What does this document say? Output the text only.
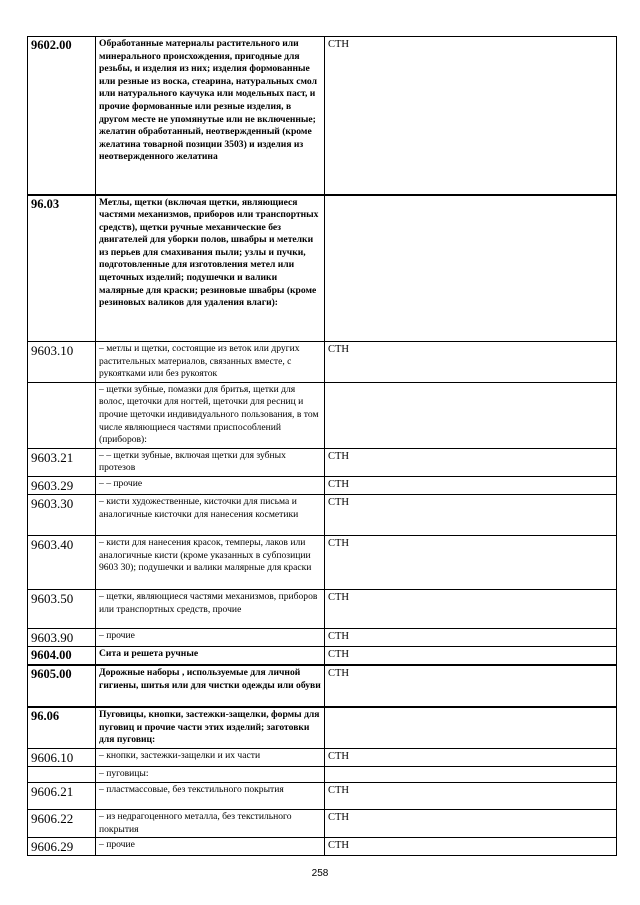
9602.00	Обработанные материалы растительного или минерального происхождения, пригодные для резьбы, и изделия из них; изделия формованные или резные из воска, стеарина, натуральных смол или натурального каучука или модельных паст, и прочие формованные или резные изделия, в другом месте не упомянутые или не включенные; желатин обработанный, неотвержденный (кроме желатина товарной позиции 3503) и изделия из неотвержденного желатина	СТН
96.03	Метлы, щетки (включая щетки, являющиеся частями механизмов, приборов или транспортных средств), щетки ручные механические без двигателей для уборки полов, швабры и метелки из перьев для смахивания пыли; узлы и пучки, подготовленные для изготовления метел или щеточных изделий; подушечки и валики малярные для краски; резиновые швабры (кроме резиновых валиков для удаления влаги):	
9603.10	– метлы и щетки, состоящие из веток или других растительных материалов, связанных вместе, с рукоятками или без рукояток	СТН
	– щетки зубные, помазки для бритья, щетки для волос, щеточки для ногтей, щеточки для ресниц и прочие щеточки индивидуального пользования, в том числе являющиеся частями приспособлений (приборов):	
9603.21	– – щетки зубные, включая щетки для зубных протезов	СТН
9603.29	– – прочие	СТН
9603.30	– кисти художественные, кисточки для письма и аналогичные кисточки для нанесения косметики	СТН
9603.40	– кисти для нанесения красок, темперы, лаков или аналогичные кисти (кроме указанных в субпозиции 9603 30); подушечки и валики малярные для краски	СТН
9603.50	– щетки, являющиеся частями механизмов, приборов или транспортных средств, прочие	СТН
9603.90	– прочие	СТН
9604.00	Сита и решета ручные	СТН
9605.00	Дорожные наборы , используемые для личной гигиены, шитья или для чистки одежды или обуви	СТН
96.06	Пуговицы, кнопки, застежки-защелки, формы для пуговиц и прочие части этих изделий; заготовки для пуговиц:	
9606.10	– кнопки, застежки-защелки и их части	СТН
	– пуговицы:	
9606.21	– пластмассовые, без текстильного покрытия	СТН
9606.22	– из недрагоценного металла, без текстильного покрытия	СТН
9606.29	– прочие	СТН
258
